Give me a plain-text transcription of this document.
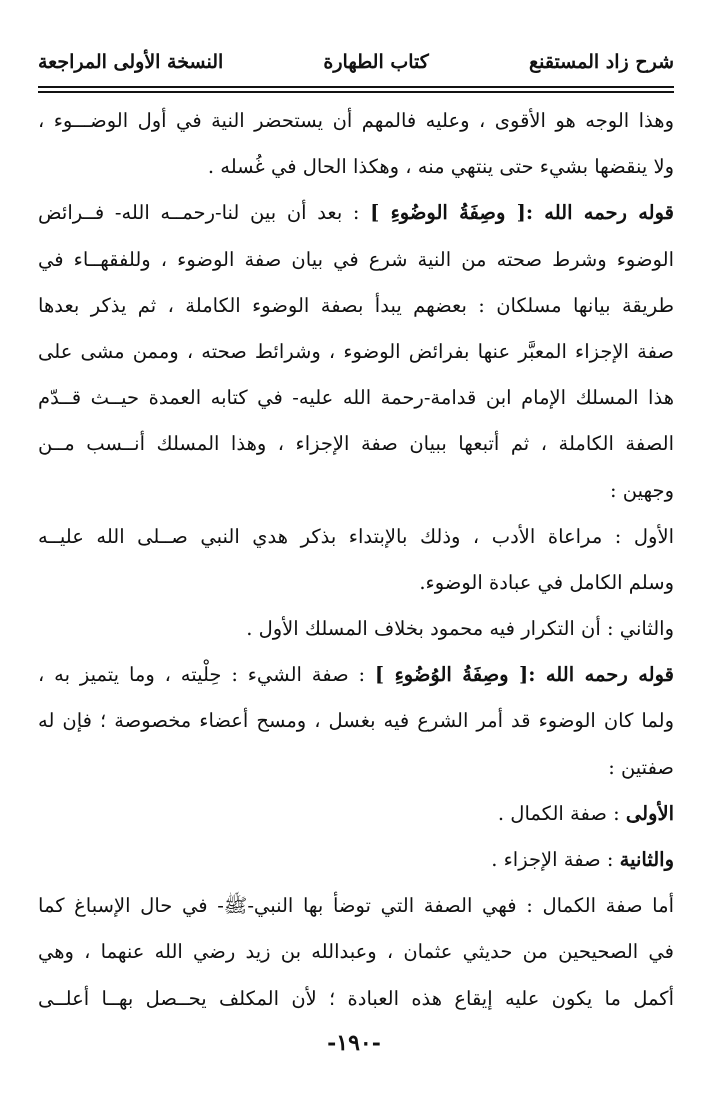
شرح زاد المستقنع
كتاب الطهارة
النسخة الأولى المراجعة
وهذا الوجه هو الأقوى ، وعليه فالمهم أن يستحضر النية في أول الوضـــوء ،
ولا ينقضها بشيء حتى ينتهي منه ، وهكذا الحال في غُسله .
قوله رحمه الله :[ وصِفَةُ الوضُوءِ ] : بعد أن بين لنا-رحمــه الله- فــرائض
الوضوء وشرط صحته من النية شرع في بيان صفة الوضوء ، وللفقهــاء في
طريقة بيانها مسلكان : بعضهم يبدأ بصفة الوضوء الكاملة ، ثم يذكر بعدها
صفة الإجزاء المعبَّر عنها بفرائض الوضوء ، وشرائط صحته ، وممن مشى على
هذا المسلك الإمام ابن قدامة-رحمة الله عليه- في كتابه العمدة حيــث قــدّم
الصفة الكاملة ، ثم أتبعها ببيان صفة الإجزاء ، وهذا المسلك أنــسب مــن
وجهين :
الأول : مراعاة الأدب ، وذلك بالإبتداء بذكر هدي النبي صــلى الله عليــه
وسلم الكامل في عبادة الوضوء.
والثاني : أن التكرار فيه محمود بخلاف المسلك الأول .
قوله رحمه الله :[ وصِفَةُ الوُضُوءِ ] : صفة الشيء : حِلْيته ، وما يتميز به ،
ولما كان الوضوء قد أمر الشرع فيه بغسل ، ومسح أعضاء مخصوصة ؛ فإن له
صفتين :
الأولى : صفة الكمال .
والثانية : صفة الإجزاء .
أما صفة الكمال : فهي الصفة التي توضأ بها النبي-ﷺ- في حال الإسباغ كما
في الصحيحين من حديثي عثمان ، وعبدالله بن زيد رضي الله عنهما ، وهي
أكمل ما يكون عليه إيقاع هذه العبادة ؛ لأن المكلف يحــصل بهــا أعلــى
-١٩٠-
